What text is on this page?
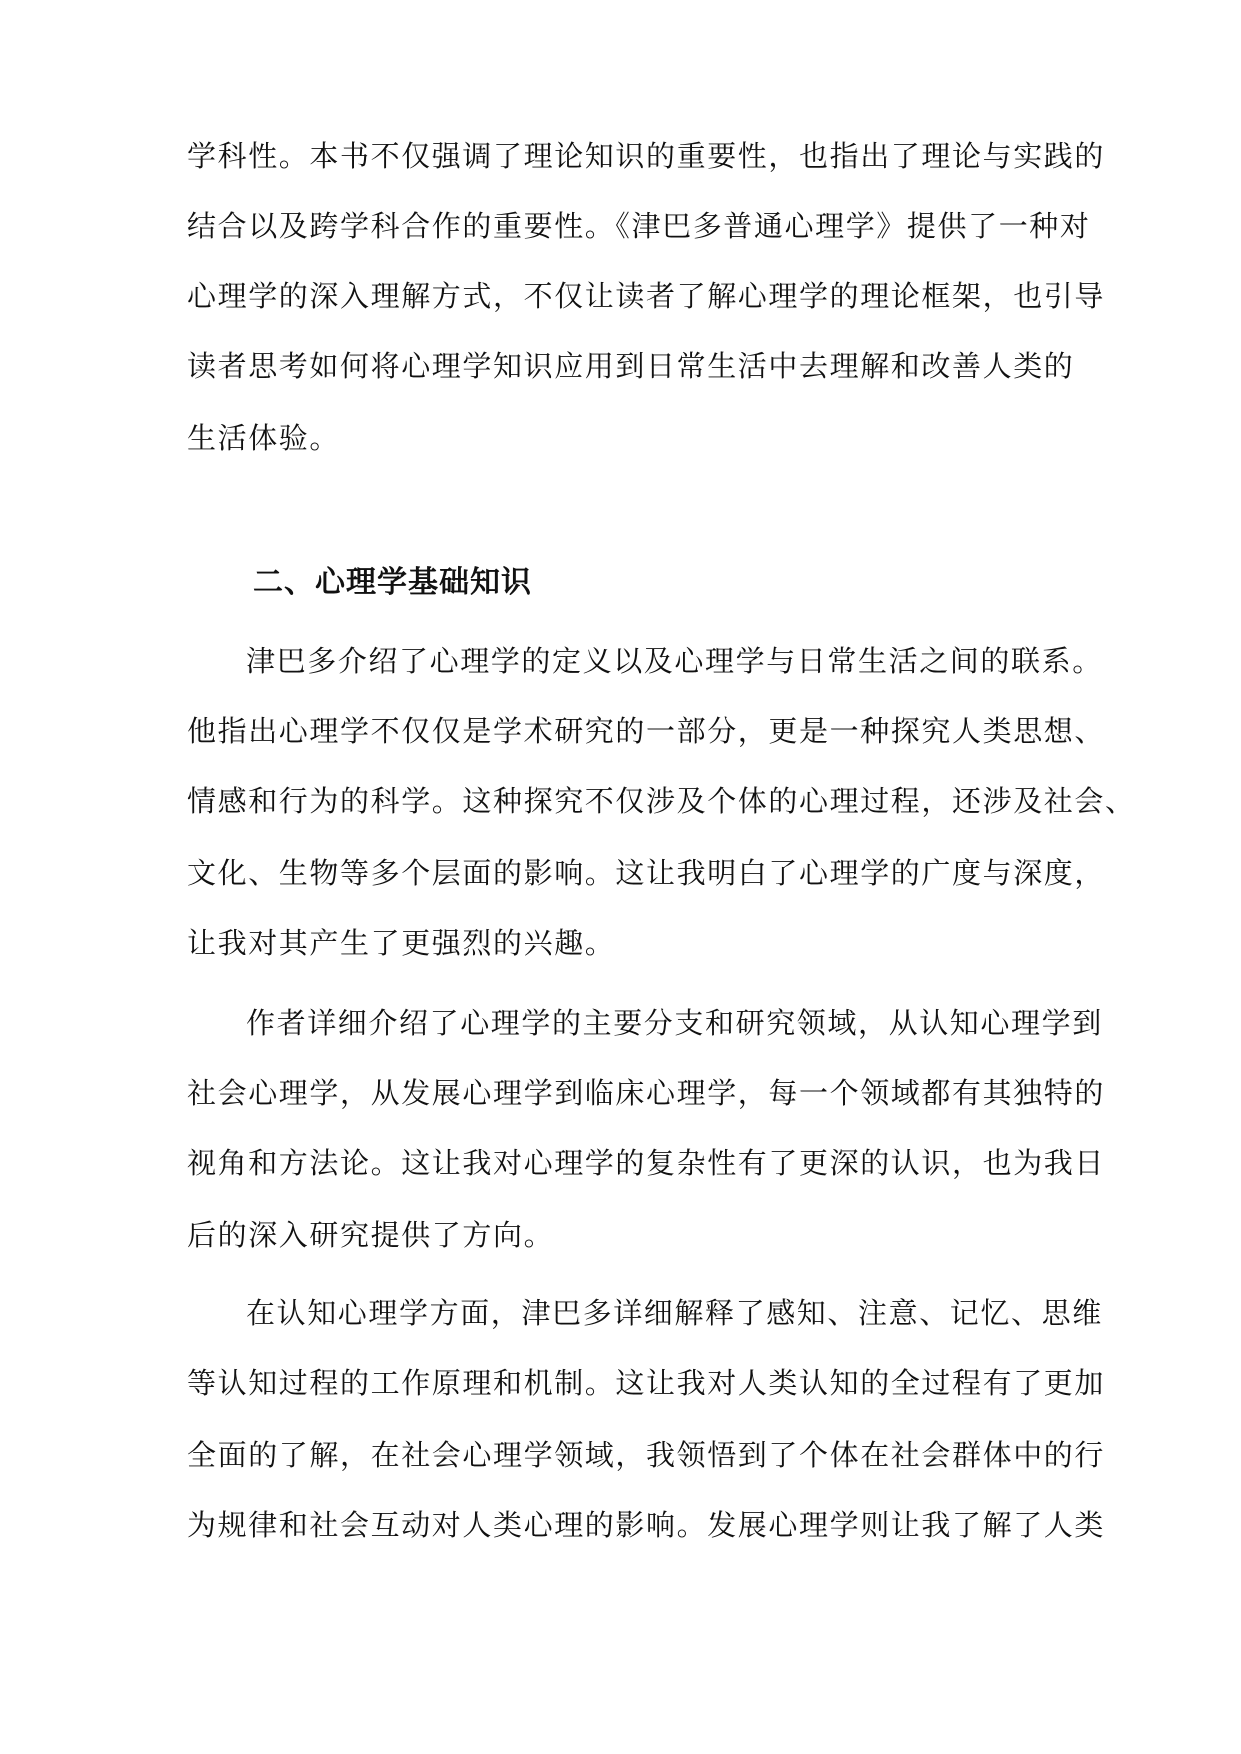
学科性。本书不仅强调了理论知识的重要性，也指出了理论与实践的
结合以及跨学科合作的重要性。《津巴多普通心理学》提供了一种对
心理学的深入理解方式，不仅让读者了解心理学的理论框架，也引导
读者思考如何将心理学知识应用到日常生活中去理解和改善人类的
生活体验。
二、心理学基础知识
津巴多介绍了心理学的定义以及心理学与日常生活之间的联系。
他指出心理学不仅仅是学术研究的一部分，更是一种探究人类思想、
情感和行为的科学。这种探究不仅涉及个体的心理过程，还涉及社会、
文化、生物等多个层面的影响。这让我明白了心理学的广度与深度，
让我对其产生了更强烈的兴趣。
作者详细介绍了心理学的主要分支和研究领域，从认知心理学到
社会心理学，从发展心理学到临床心理学，每一个领域都有其独特的
视角和方法论。这让我对心理学的复杂性有了更深的认识，也为我日
后的深入研究提供了方向。
在认知心理学方面，津巴多详细解释了感知、注意、记忆、思维
等认知过程的工作原理和机制。这让我对人类认知的全过程有了更加
全面的了解，在社会心理学领域，我领悟到了个体在社会群体中的行
为规律和社会互动对人类心理的影响。发展心理学则让我了解了人类
